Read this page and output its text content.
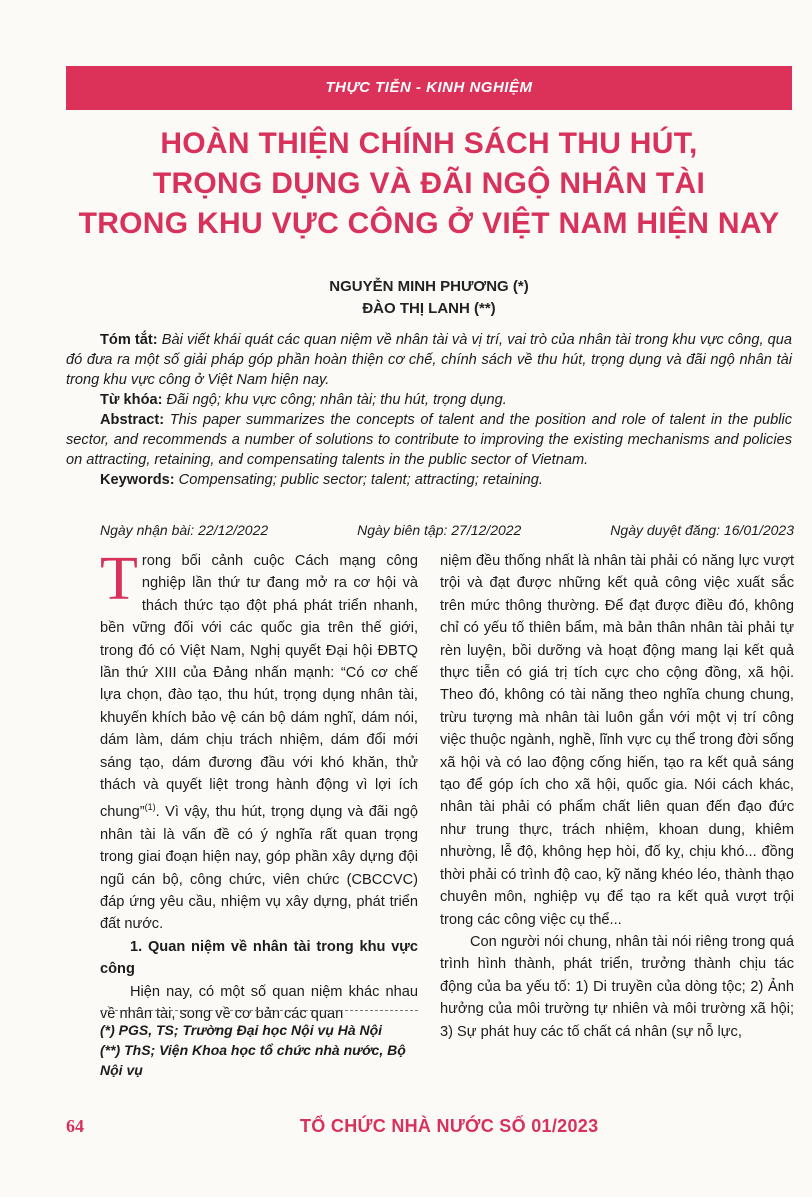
THỰC TIỄN - KINH NGHIỆM
HOÀN THIỆN CHÍNH SÁCH THU HÚT,
TRỌNG DỤNG VÀ ĐÃI NGỘ NHÂN TÀI
TRONG KHU VỰC CÔNG Ở VIỆT NAM HIỆN NAY
NGUYỄN MINH PHƯƠNG (*)
ĐÀO THỊ LANH (**)

Tóm tắt: Bài viết khái quát các quan niệm về nhân tài và vị trí, vai trò của nhân tài trong khu vực công, qua đó đưa ra một số giải pháp góp phần hoàn thiện cơ chế, chính sách về thu hút, trọng dụng và đãi ngộ nhân tài trong khu vực công ở Việt Nam hiện nay.

Từ khóa: Đãi ngộ; khu vực công; nhân tài; thu hút, trọng dụng.

Abstract: This paper summarizes the concepts of talent and the position and role of talent in the public sector, and recommends a number of solutions to contribute to improving the existing mechanisms and policies on attracting, retaining, and compensating talents in the public sector of Vietnam.

Keywords: Compensating; public sector; talent; attracting; retaining.

Ngày nhận bài: 22/12/2022	Ngày biên tập: 27/12/2022	Ngày duyệt đăng: 16/01/2023

Trong bối cảnh cuộc Cách mạng công nghiệp lần thứ tư đang mở ra cơ hội và thách thức tạo đột phá phát triển nhanh, bền vững đối với các quốc gia trên thế giới, trong đó có Việt Nam, Nghị quyết Đại hội ĐBTQ lần thứ XIII của Đảng nhấn mạnh: “Có cơ chế lựa chọn, đào tạo, thu hút, trọng dụng nhân tài, khuyến khích bảo vệ cán bộ dám nghĩ, dám nói, dám làm, dám chịu trách nhiệm, dám đổi mới sáng tạo, dám đương đầu với khó khăn, thử thách và quyết liệt trong hành động vì lợi ích chung”$^{(1)}$. Vì vậy, thu hút, trọng dụng và đãi ngộ nhân tài là vấn đề có ý nghĩa rất quan trọng trong giai đoạn hiện nay, góp phần xây dựng đội ngũ cán bộ, công chức, viên chức (CBCCVC) đáp ứng yêu cầu, nhiệm vụ xây dựng, phát triển đất nước.

1. Quan niệm về nhân tài trong khu vực công

Hiện nay, có một số quan niệm khác nhau về nhân tài, song về cơ bản các quan

(*) PGS, TS; Trường Đại học Nội vụ Hà Nội

(**) ThS; Viện Khoa học tổ chức nhà nước, Bộ Nội vụ

niệm đều thống nhất là nhân tài phải có năng lực vượt trội và đạt được những kết quả công việc xuất sắc trên mức thông thường. Để đạt được điều đó, không chỉ có yếu tố thiên bẩm, mà bản thân nhân tài phải tự rèn luyện, bồi dưỡng và hoạt động mang lại kết quả thực tiễn có giá trị tích cực cho cộng đồng, xã hội. Theo đó, không có tài năng theo nghĩa chung chung, trừu tượng mà nhân tài luôn gắn với một vị trí công việc thuộc ngành, nghề, lĩnh vực cụ thể trong đời sống xã hội và có lao động cống hiến, tạo ra kết quả sáng tạo để góp ích cho xã hội, quốc gia. Nói cách khác, nhân tài phải có phẩm chất liên quan đến đạo đức như trung thực, trách nhiệm, khoan dung, khiêm nhường, lễ độ, không hẹp hòi, đố kỵ, chịu khó... đồng thời phải có trình độ cao, kỹ năng khéo léo, thành thạo chuyên môn, nghiệp vụ để tạo ra kết quả vượt trội trong các công việc cụ thể...

Con người nói chung, nhân tài nói riêng trong quá trình hình thành, phát triển, trưởng thành chịu tác động của ba yếu tố: 1) Di truyền của dòng tộc; 2) Ảnh hưởng của môi trường tự nhiên và môi trường xã hội; 3) Sự phát huy các tố chất cá nhân (sự nỗ lực,

64	TỔ CHỨC NHÀ NƯỚC SỐ 01/2023
